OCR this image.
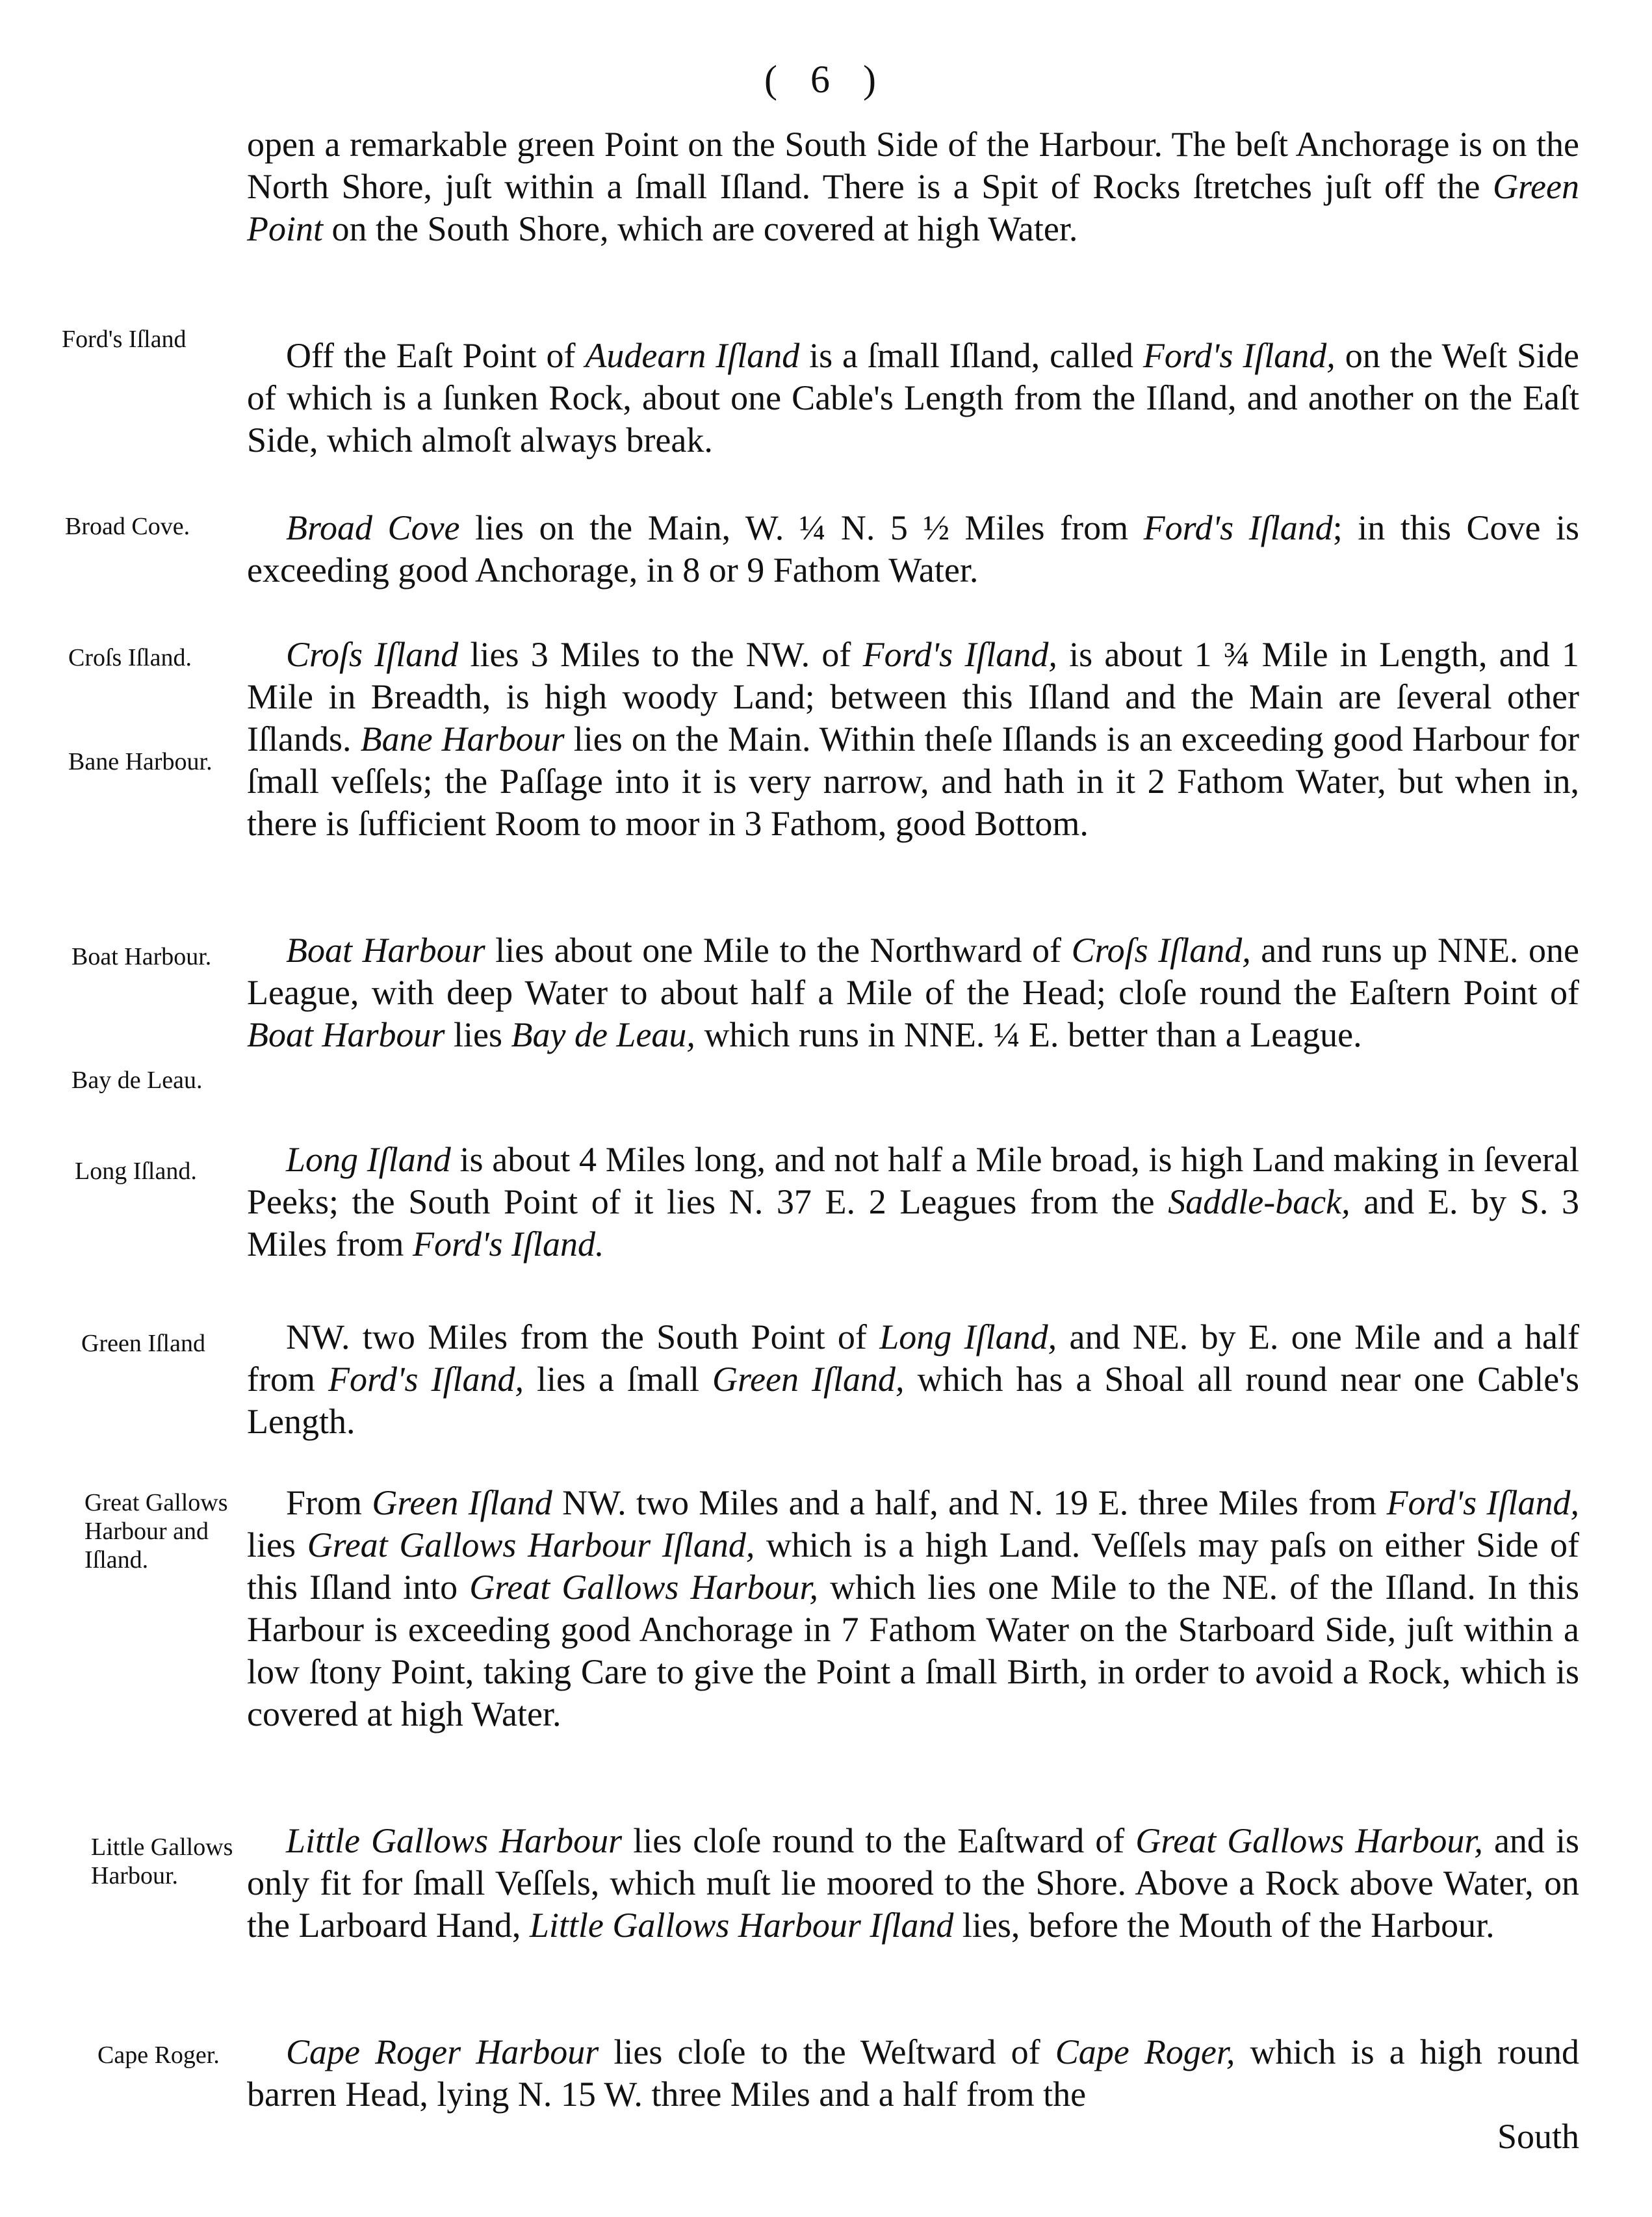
( 6 )
open a remarkable green Point on the South Side of the Harbour. The beſt Anchorage is on the North Shore, juſt within a ſmall Iſland. There is a Spit of Rocks ſtretches juſt off the Green Point on the South Shore, which are covered at high Water.
Ford's Iſland	Off the Eaſt Point of Audearn Iſland is a ſmall Iſland, called Ford's Iſland, on the Weſt Side of which is a ſunken Rock, about one Cable's Length from the Iſland, and another on the Eaſt Side, which almoſt always break.
Broad Cove.	Broad Cove lies on the Main, W. ¼ N. 5 ½ Miles from Ford's Iſland; in this Cove is exceeding good Anchorage, in 8 or 9 Fathom Water.
Croſs Iſland.
Bane Harbour.
Croſs Iſland lies 3 Miles to the NW. of Ford's Iſland, is about 1 ¾ Mile in Length, and 1 Mile in Breadth, is high woody Land; between this Iſland and the Main are ſeveral other Iſlands. Bane Harbour lies on the Main. Within theſe Iſlands is an exceeding good Harbour for ſmall veſſels; the Paſſage into it is very narrow, and hath in it 2 Fathom Water, but when in, there is ſufficient Room to moor in 3 Fathom, good Bottom.
Boat Harbour.
Bay de Leau.
Boat Harbour lies about one Mile to the Northward of Croſs Iſland, and runs up NNE. one League, with deep Water to about half a Mile of the Head; cloſe round the Eaſtern Point of Boat Harbour lies Bay de Leau, which runs in NNE. ¼ E. better than a League.
Long Iſland.	Long Iſland is about 4 Miles long, and not half a Mile broad, is high Land making in ſeveral Peeks; the South Point of it lies N. 37 E. 2 Leagues from the Saddle-back, and E. by S. 3 Miles from Ford's Iſland.
Green Iſland	NW. two Miles from the South Point of Long Iſland, and NE. by E. one Mile and a half from Ford's Iſland, lies a ſmall Green Iſland, which has a Shoal all round near one Cable's Length.
Great Gallows Harbour and Iſland.
From Green Iſland NW. two Miles and a half, and N. 19 E. three Miles from Ford's Iſland, lies Great Gallows Harbour Iſland, which is a high Land. Veſſels may paſs on either Side of this Iſland into Great Gallows Harbour, which lies one Mile to the NE. of the Iſland. In this Harbour is exceeding good Anchorage in 7 Fathom Water on the Starboard Side, juſt within a low ſtony Point, taking Care to give the Point a ſmall Birth, in order to avoid a Rock, which is covered at high Water.
Little Gallows Harbour.
Little Gallows Harbour lies cloſe round to the Eaſtward of Great Gallows Harbour, and is only fit for ſmall Veſſels, which muſt lie moored to the Shore. Above a Rock above Water, on the Larboard Hand, Little Gallows Harbour Iſland lies, before the Mouth of the Harbour.
Cape Roger.	Cape Roger Harbour lies cloſe to the Weſtward of Cape Roger, which is a high round barren Head, lying N. 15 W. three Miles and a half from the
South
